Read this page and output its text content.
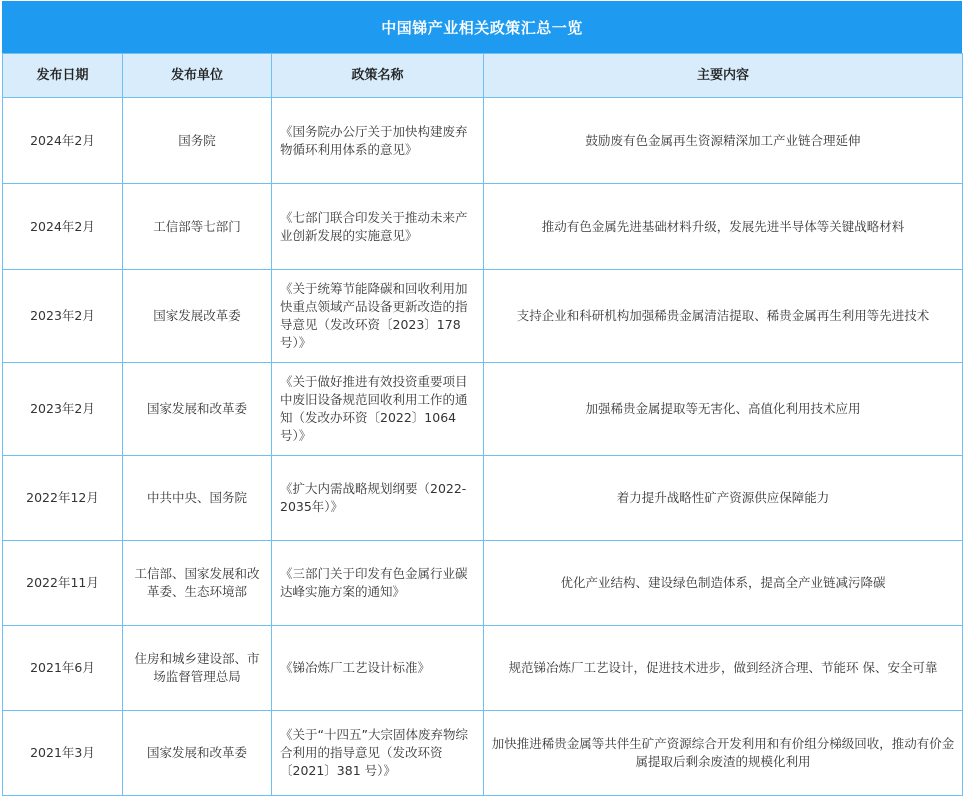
中国锑产业相关政策汇总一览
发布日期	发布单位	政策名称	主要内容
2024年2月	国务院	《国务院办公厅关于加快构建废弃物循环利用体系的意见》	鼓励废有色金属再生资源精深加工产业链合理延伸
2024年2月	工信部等七部门	《七部门联合印发关于推动未来产业创新发展的实施意见》	推动有色金属先进基础材料升级，发展先进半导体等关键战略材料
2023年2月	国家发展改革委	《关于统筹节能降碳和回收利用加快重点领域产品设备更新改造的指导意见（发改环资〔2023〕178 号）》	支持企业和科研机构加强稀贵金属清洁提取、稀贵金属再生利用等先进技术
2023年2月	国家发展和改革委	《关于做好推进有效投资重要项目中废旧设备规范回收利用工作的通知（发改办环资〔2022〕1064 号）》	加强稀贵金属提取等无害化、高值化利用技术应用
2022年12月	中共中央、国务院	《扩大内需战略规划纲要（2022-2035年）》	着力提升战略性矿产资源供应保障能力
2022年11月	工信部、国家发展和改革委、生态环境部	《三部门关于印发有色金属行业碳达峰实施方案的通知》	优化产业结构、建设绿色制造体系，提高全产业链减污降碳
2021年6月	住房和城乡建设部、市场监督管理总局	《锑冶炼厂工艺设计标准》	规范锑冶炼厂工艺设计，促进技术进步，做到经济合理、节能环 保、安全可靠
2021年3月	国家发展和改革委	《关于“十四五”大宗固体废弃物综合利用的指导意见（发改环资〔2021〕381 号）》	加快推进稀贵金属等共伴生矿产资源综合开发利用和有价组分梯级回收，推动有价金属提取后剩余废渣的规模化利用
